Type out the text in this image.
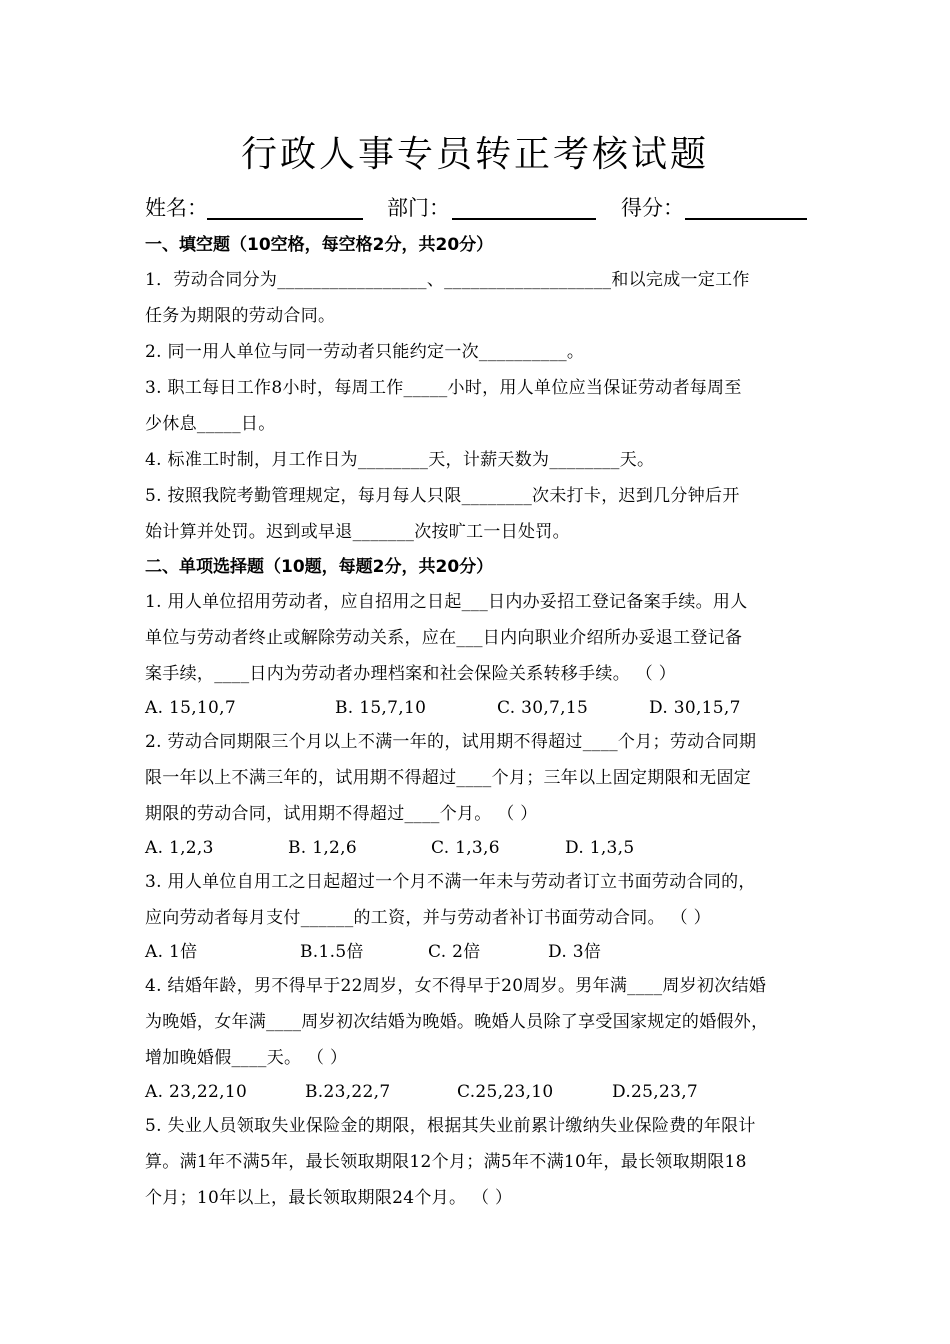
行政人事专员转正考核试题
姓名：	部门：	得分：
一、填空题（10空格，每空格2分，共20分）
1．劳动合同分为_________________、___________________和以完成一定工作
任务为期限的劳动合同。
2. 同一用人单位与同一劳动者只能约定一次__________。
3. 职工每日工作8小时，每周工作_____小时，用人单位应当保证劳动者每周至
少休息_____日。
4. 标准工时制，月工作日为________天，计薪天数为________天。
5. 按照我院考勤管理规定，每月每人只限________次未打卡，迟到几分钟后开
始计算并处罚。迟到或早退_______次按旷工一日处罚。
二、单项选择题（10题，每题2分，共20分）
1. 用人单位招用劳动者，应自招用之日起___日内办妥招工登记备案手续。用人
单位与劳动者终止或解除劳动关系，应在___日内向职业介绍所办妥退工登记备
案手续，____日内为劳动者办理档案和社会保险关系转移手续。 （ ）
A. 15,10,7	B. 15,7,10	C. 30,7,15	D. 30,15,7
2. 劳动合同期限三个月以上不满一年的，试用期不得超过____个月；劳动合同期
限一年以上不满三年的，试用期不得超过____个月；三年以上固定期限和无固定
期限的劳动合同，试用期不得超过____个月。 （ ）
A. 1,2,3	B. 1,2,6	C. 1,3,6	D. 1,3,5
3. 用人单位自用工之日起超过一个月不满一年未与劳动者订立书面劳动合同的，
应向劳动者每月支付______的工资，并与劳动者补订书面劳动合同。 （ ）
A. 1倍	B.1.5倍	C. 2倍	D. 3倍
4. 结婚年龄，男不得早于22周岁，女不得早于20周岁。男年满____周岁初次结婚
为晚婚，女年满____周岁初次结婚为晚婚。晚婚人员除了享受国家规定的婚假外，
增加晚婚假____天。 （ ）
A. 23,22,10	B.23,22,7	C.25,23,10	D.25,23,7
5. 失业人员领取失业保险金的期限，根据其失业前累计缴纳失业保险费的年限计
算。满1年不满5年，最长领取期限12个月；满5年不满10年，最长领取期限18
个月；10年以上，最长领取期限24个月。 （ ）
